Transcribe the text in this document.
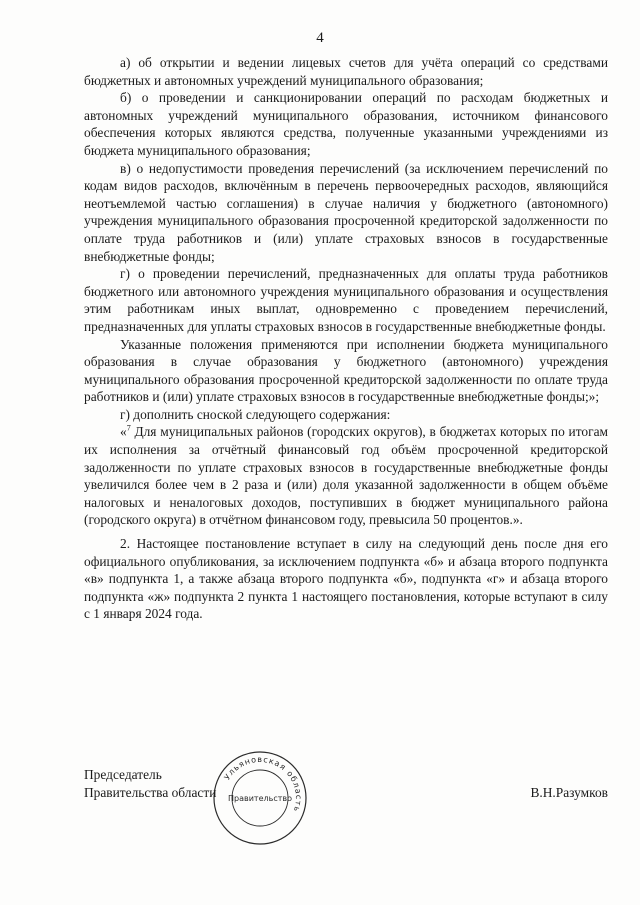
4

а) об открытии и ведении лицевых счетов для учёта операций со средствами бюджетных и автономных учреждений муниципального образования;

б) о проведении и санкционировании операций по расходам бюджетных и автономных учреждений муниципального образования, источником финансового обеспечения которых являются средства, полученные указанными учреждениями из бюджета муниципального образования;

в) о недопустимости проведения перечислений (за исключением перечислений по кодам видов расходов, включённым в перечень первоочередных расходов, являющийся неотъемлемой частью соглашения) в случае наличия у бюджетного (автономного) учреждения муниципального образования просроченной кредиторской задолженности по оплате труда работников и (или) уплате страховых взносов в государственные внебюджетные фонды;

г) о проведении перечислений, предназначенных для оплаты труда работников бюджетного или автономного учреждения муниципального образования и осуществления этим работникам иных выплат, одновременно с проведением перечислений, предназначенных для уплаты страховых взносов в государственные внебюджетные фонды.

Указанные положения применяются при исполнении бюджета муниципального образования в случае образования у бюджетного (автономного) учреждения муниципального образования просроченной кредиторской задолженности по оплате труда работников и (или) уплате страховых взносов в государственные внебюджетные фонды;»;

г) дополнить сноской следующего содержания:

«$^7$ Для муниципальных районов (городских округов), в бюджетах которых по итогам их исполнения за отчётный финансовый год объём просроченной кредиторской задолженности по уплате страховых взносов в государственные внебюджетные фонды увеличился более чем в 2 раза и (или) доля указанной задолженности в общем объёме налоговых и неналоговых доходов, поступивших в бюджет муниципального района (городского округа) в отчётном финансовом году, превысила 50 процентов.».

2. Настоящее постановление вступает в силу на следующий день после дня его официального опубликования, за исключением подпункта «б» и абзаца второго подпункта «в» подпункта 1, а также абзаца второго подпункта «б», подпункта «г» и абзаца второго подпункта «ж» подпункта 2 пункта 1 настоящего постановления, которые вступают в силу с 1 января 2024 года.

Ульяновская область
Правительство
Председатель
Правительства области	В.Н.Разумков
